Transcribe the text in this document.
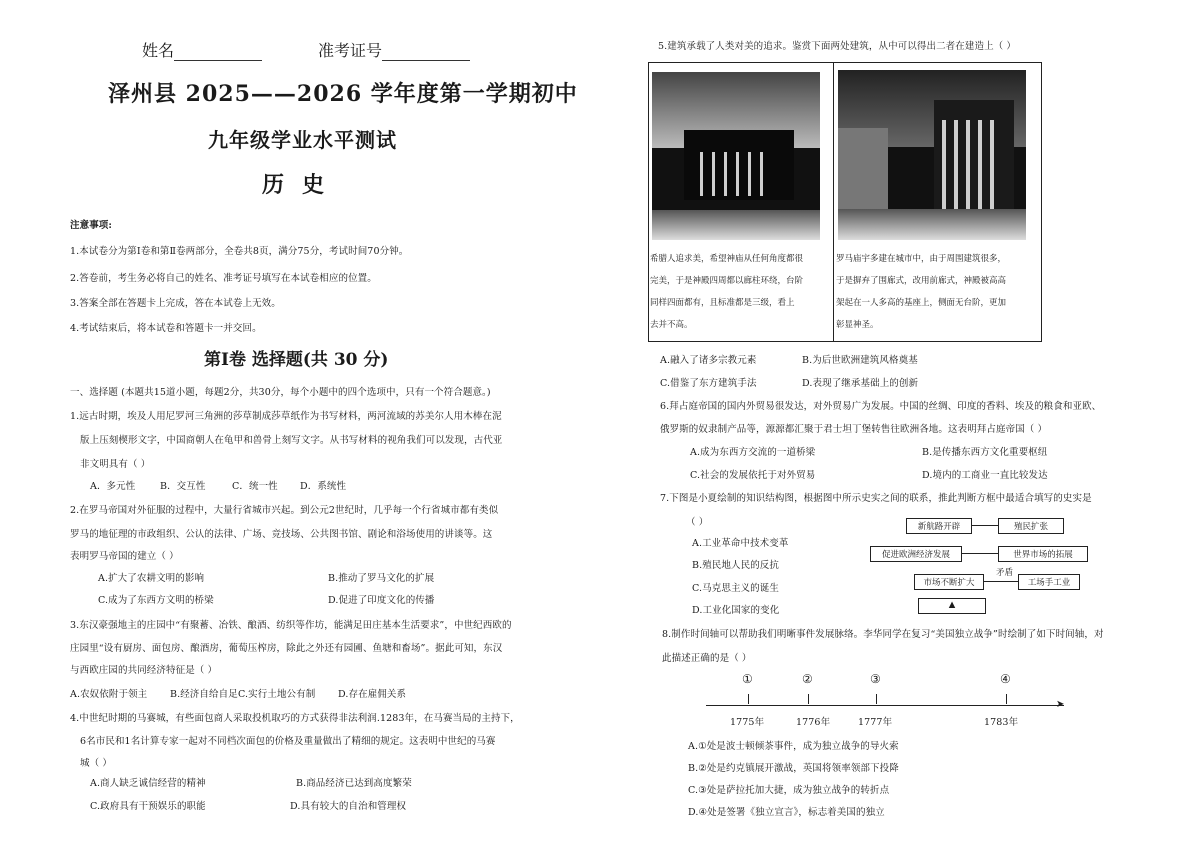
姓名	准考证号
泽州县 2025——2026 学年度第一学期初中
九年级学业水平测试
历史
注意事项:
1.本试卷分为第Ⅰ卷和第Ⅱ卷两部分，全卷共8页，满分75分，考试时间70分钟。
2.答卷前，考生务必将自己的姓名、准考证号填写在本试卷相应的位置。
3.答案全部在答题卡上完成，答在本试卷上无效。
4.考试结束后，将本试卷和答题卡一并交回。
第Ⅰ卷 选择题(共 30 分)
一、选择题 (本题共15道小题，每题2分，共30分，每个小题中的四个选项中，只有一个符合题意。)
1.远古时期，埃及人用尼罗河三角洲的莎草制成莎草纸作为书写材料，两河流域的苏美尔人用木棒在泥
版上压刻楔形文字，中国商朝人在龟甲和兽骨上刻写文字。从书写材料的视角我们可以发现，古代亚
非文明具有（ ）
A．多元性	B．交互性	C．统一性 D．系统性
2.在罗马帝国对外征服的过程中，大量行省城市兴起。到公元2世纪时，几乎每一个行省城市都有类似
罗马的地征理的市政组织、公认的法律、广场、竞技场、公共图书馆、剧论和浴场使用的讲谈等。这
表明罗马帝国的建立（ ）
A.扩大了农耕文明的影响	B.推动了罗马文化的扩展
C.成为了东西方文明的桥梁	D.促进了印度文化的传播
3.东汉豪强地主的庄园中“有聚蓄、冶铁、酿酒、纺织等作坊，能满足田庄基本生活要求”，中世纪西欧的
庄园里“设有厨房、面包房、酿酒房，葡萄压榨房，除此之外还有园圃、鱼塘和畜场”。据此可知，东汉
与西欧庄园的共同经济特征是（ ）
A.农奴依附于领主 B.经济自给自足 C.实行土地公有制 D.存在雇佣关系
4.中世纪时期的马赛城，有些面包商人采取投机取巧的方式获得非法利润.1283年，在马赛当局的主持下，
6名市民和1名计算专家一起对不同档次面包的价格及重量做出了精细的规定。这表明中世纪的马赛
城（ ）
A.商人缺乏诚信经营的精神	B.商品经济已达到高度繁荣
C.政府具有干预娱乐的职能	D.具有较大的自治和管理权
5.建筑承载了人类对美的追求。鉴赏下面两处建筑，从中可以得出二者在建造上（ ）
希腊人追求美，希望神庙从任何角度都很
完美，于是神殿四周都以廊柱环绕，台阶
同样四面都有，且标准都是三级，看上
去并不高。
罗马庙宇多建在城市中，由于周围建筑很多，
于是摒弃了围廊式，改用前廊式，神殿被高高
架起在一人多高的基座上，侧面无台阶，更加
彰显神圣。
A.融入了诸多宗教元素	B.为后世欧洲建筑风格奠基
C.借鉴了东方建筑手法	D.表现了继承基础上的创新
6.拜占庭帝国的国内外贸易很发达，对外贸易广为发展。中国的丝绸、印度的香料、埃及的粮食和亚欧、
俄罗斯的奴隶制产品等，源源都汇聚于君士坦丁堡转售往欧洲各地。这表明拜占庭帝国（ ）
A.成为东西方交流的一道桥梁	B.是传播东西方文化重要枢纽
C.社会的发展依托于对外贸易	D.境内的工商业一直比较发达
7.下图是小夏绘制的知识结构图，根据图中所示史实之间的联系，推此判断方框中最适合填写的史实是
（ ）
A.工业革命中技术变革
B.殖民地人民的反抗
C.马克思主义的诞生
D.工业化国家的变化
新航路开辟	殖民扩张
促进欧洲经济发展	世界市场的拓展
市场不断扩大
矛盾
工场手工业
▲
8.制作时间轴可以帮助我们明晰事件发展脉络。李华同学在复习“美国独立战争”时绘制了如下时间轴，对
此描述正确的是（ ）
➤
①	②	③	④
1775年	1776年	1777年	1783年
A.①处是波士顿倾茶事件，成为独立战争的导火索
B.②处是约克镇展开激战，英国将领率领部下投降
C.③处是萨拉托加大捷，成为独立战争的转折点
D.④处是签署《独立宣言》，标志着美国的独立
